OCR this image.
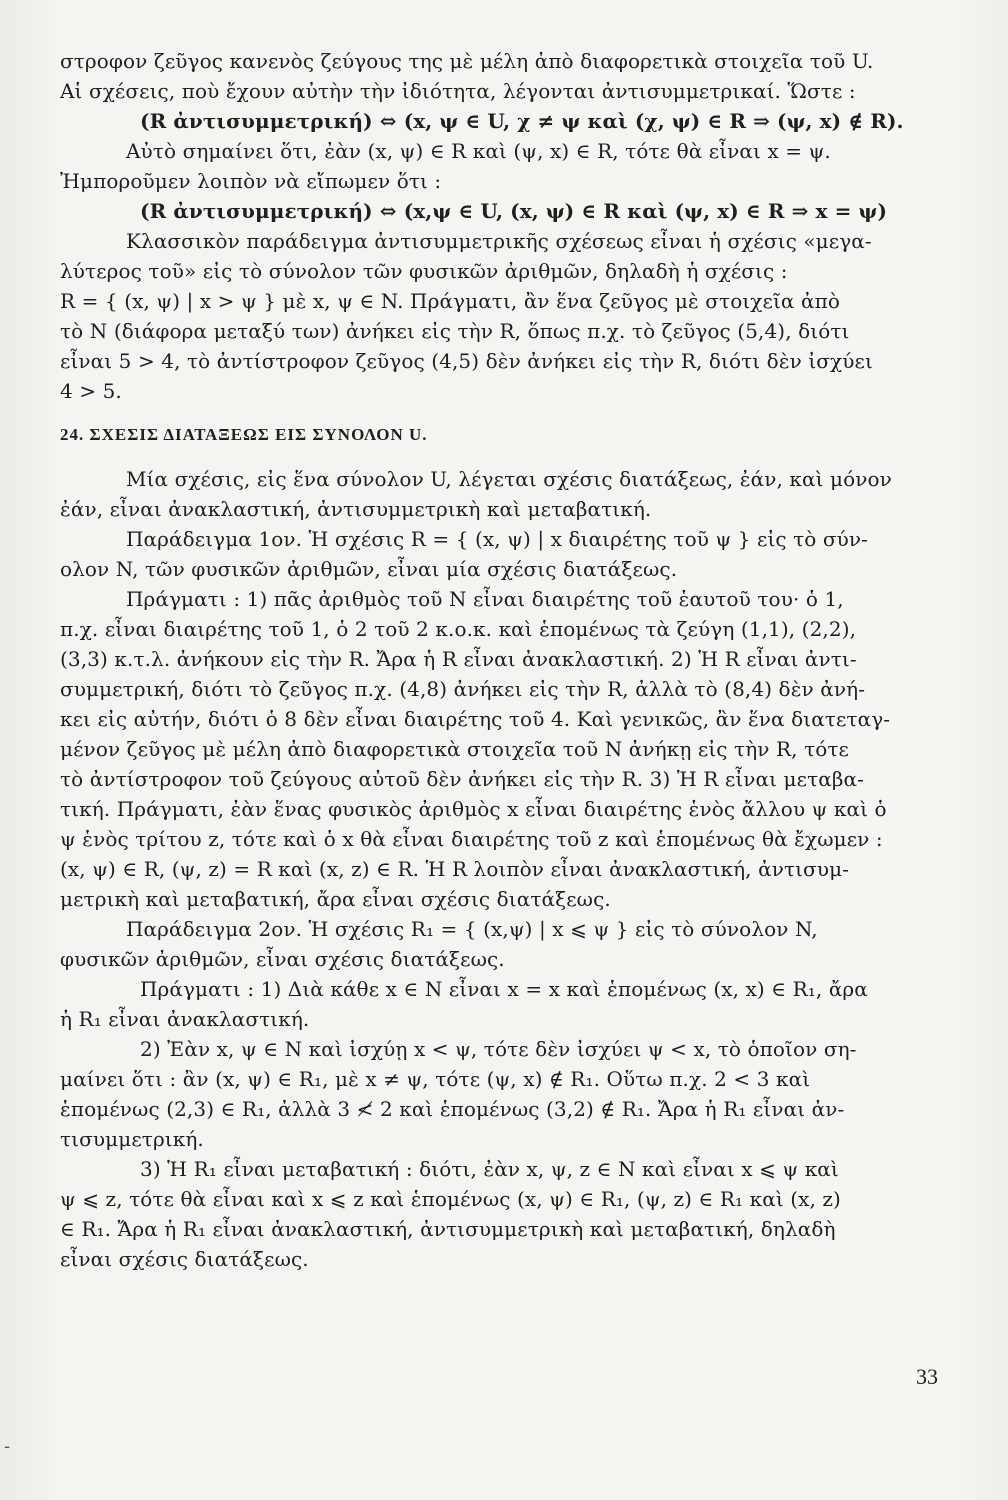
στροφον ζεῦγος κανενὸς ζεύγους της μὲ μέλη ἀπὸ διαφορετικὰ στοιχεῖα τοῦ U.
Αἱ σχέσεις, ποὺ ἔχουν αὐτὴν τὴν ἰδιότητα, λέγονται ἀντισυμμετρικαί. Ὥστε :
(R ἀντισυμμετρική) ⇔ (x, ψ ∈ U, χ ≠ ψ καὶ (χ, ψ) ∈ R ⇒ (ψ, x) ∉ R).
Αὐτὸ σημαίνει ὅτι, ἐὰν (x, ψ) ∈ R καὶ (ψ, x) ∈ R, τότε θὰ εἶναι x = ψ.
Ἠμποροῦμεν λοιπὸν νὰ εἴπωμεν ὅτι :
(R ἀντισυμμετρική) ⇔ (x,ψ ∈ U, (x, ψ) ∈ R καὶ (ψ, x) ∈ R ⇒ x = ψ)
Κλασσικὸν παράδειγμα ἀντισυμμετρικῆς σχέσεως εἶναι ἡ σχέσις «μεγα-
λύτερος τοῦ» εἰς τὸ σύνολον τῶν φυσικῶν ἀριθμῶν, δηλαδὴ ἡ σχέσις :
R = { (x, ψ) | x > ψ } μὲ x, ψ ∈ N. Πράγματι, ἂν ἕνα ζεῦγος μὲ στοιχεῖα ἀπὸ
τὸ N (διάφορα μεταξύ των) ἀνήκει εἰς τὴν R, ὅπως π.χ. τὸ ζεῦγος (5,4), διότι
εἶναι 5 > 4, τὸ ἀντίστροφον ζεῦγος (4,5) δὲν ἀνήκει εἰς τὴν R, διότι δὲν ἰσχύει
4 > 5.
24. ΣΧΕΣΙΣ ΔΙΑΤΑΞΕΩΣ ΕΙΣ ΣΥΝΟΛΟΝ U.
Μία σχέσις, εἰς ἕνα σύνολον U, λέγεται σχέσις διατάξεως, ἐάν, καὶ μόνον
ἐάν, εἶναι ἀνακλαστική, ἀντισυμμετρικὴ καὶ μεταβατική.
Παράδειγμα 1ον. Ἡ σχέσις R = { (x, ψ) | x διαιρέτης τοῦ ψ } εἰς τὸ σύν-
ολον N, τῶν φυσικῶν ἀριθμῶν, εἶναι μία σχέσις διατάξεως.
Πράγματι : 1) πᾶς ἀριθμὸς τοῦ N εἶναι διαιρέτης τοῦ ἑαυτοῦ του· ὁ 1,
π.χ. εἶναι διαιρέτης τοῦ 1, ὁ 2 τοῦ 2 κ.ο.κ. καὶ ἑπομένως τὰ ζεύγη (1,1), (2,2),
(3,3) κ.τ.λ. ἀνήκουν εἰς τὴν R. Ἄρα ἡ R εἶναι ἀνακλαστική. 2) Ἡ R εἶναι ἀντι-
συμμετρική, διότι τὸ ζεῦγος π.χ. (4,8) ἀνήκει εἰς τὴν R, ἀλλὰ τὸ (8,4) δὲν ἀνή-
κει εἰς αὐτήν, διότι ὁ 8 δὲν εἶναι διαιρέτης τοῦ 4. Καὶ γενικῶς, ἂν ἕνα διατεταγ-
μένον ζεῦγος μὲ μέλη ἀπὸ διαφορετικὰ στοιχεῖα τοῦ N ἀνήκῃ εἰς τὴν R, τότε
τὸ ἀντίστροφον τοῦ ζεύγους αὐτοῦ δὲν ἀνήκει εἰς τὴν R. 3) Ἡ R εἶναι μεταβα-
τική. Πράγματι, ἐὰν ἕνας φυσικὸς ἀριθμὸς x εἶναι διαιρέτης ἑνὸς ἄλλου ψ καὶ ὁ
ψ ἑνὸς τρίτου z, τότε καὶ ὁ x θὰ εἶναι διαιρέτης τοῦ z καὶ ἑπομένως θὰ ἔχωμεν :
(x, ψ) ∈ R, (ψ, z) = R καὶ (x, z) ∈ R. Ἡ R λοιπὸν εἶναι ἀνακλαστική, ἀντισυμ-
μετρικὴ καὶ μεταβατική, ἄρα εἶναι σχέσις διατάξεως.
Παράδειγμα 2ον. Ἡ σχέσις R₁ = { (x,ψ) | x ⩽ ψ } εἰς τὸ σύνολον N,
φυσικῶν ἀριθμῶν, εἶναι σχέσις διατάξεως.
Πράγματι : 1) Διὰ κάθε x ∈ N εἶναι x = x καὶ ἑπομένως (x, x) ∈ R₁, ἄρα
ἡ R₁ εἶναι ἀνακλαστική.
2) Ἐὰν x, ψ ∈ N καὶ ἰσχύῃ x < ψ, τότε δὲν ἰσχύει ψ < x, τὸ ὁποῖον ση-
μαίνει ὅτι : ἂν (x, ψ) ∈ R₁, μὲ x ≠ ψ, τότε (ψ, x) ∉ R₁. Οὕτω π.χ. 2 < 3 καὶ
ἑπομένως (2,3) ∈ R₁, ἀλλὰ 3 ≮ 2 καὶ ἑπομένως (3,2) ∉ R₁. Ἄρα ἡ R₁ εἶναι ἀν-
τισυμμετρική.
3) Ἡ R₁ εἶναι μεταβατική : διότι, ἐὰν x, ψ, z ∈ N καὶ εἶναι x ⩽ ψ καὶ
ψ ⩽ z, τότε θὰ εἶναι καὶ x ⩽ z καὶ ἑπομένως (x, ψ) ∈ R₁, (ψ, z) ∈ R₁ καὶ (x, z)
∈ R₁. Ἄρα ἡ R₁ εἶναι ἀνακλαστική, ἀντισυμμετρικὴ καὶ μεταβατική, δηλαδὴ
εἶναι σχέσις διατάξεως.
33
-
